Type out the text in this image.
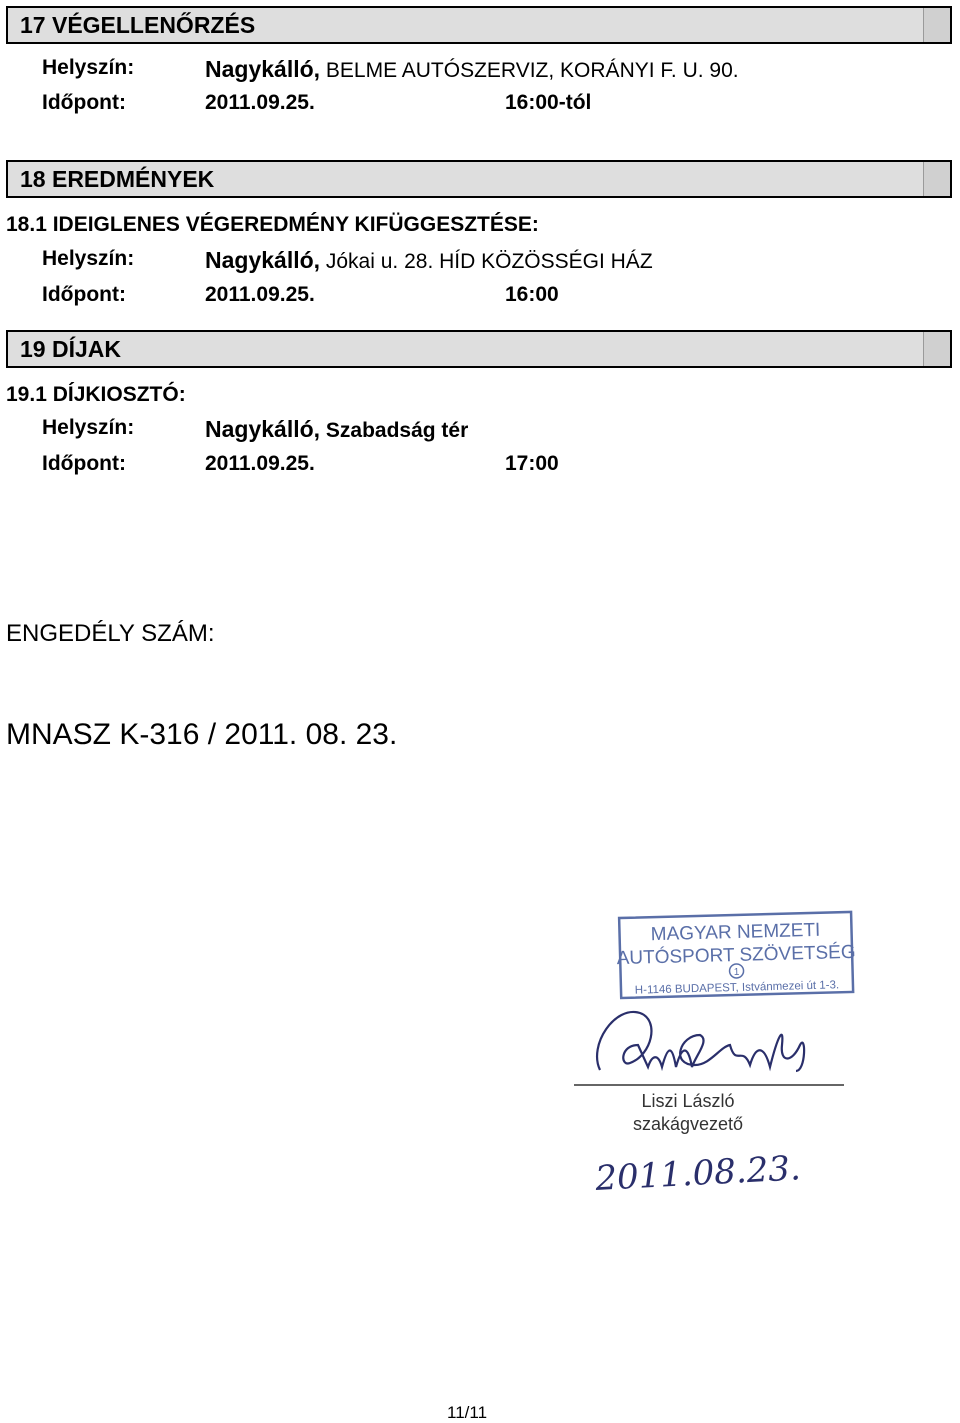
17 VÉGELLENŐRZÉS
Helyszín:	Nagykálló, BELME AUTÓSZERVIZ, KORÁNYI F. U. 90.
Időpont:	2011.09.25.	16:00-tól
18 EREDMÉNYEK
18.1 IDEIGLENES VÉGEREDMÉNY KIFÜGGESZTÉSE:
Helyszín:	Nagykálló, Jókai u. 28. HÍD KÖZÖSSÉGI HÁZ
Időpont:	2011.09.25.	16:00
19 DÍJAK
19.1 DÍJKIOSZTÓ:
Helyszín:	Nagykálló, Szabadság tér
Időpont:	2011.09.25.	17:00
ENGEDÉLY SZÁM:
MNASZ K-316 / 2011. 08. 23.
MAGYAR NEMZETI
AUTÓSPORT SZÖVETSÉG
1
H-1146 BUDAPEST, Istvánmezei út 1-3.
Liszi László
szakágvezető
2011.08.23.
11/11
